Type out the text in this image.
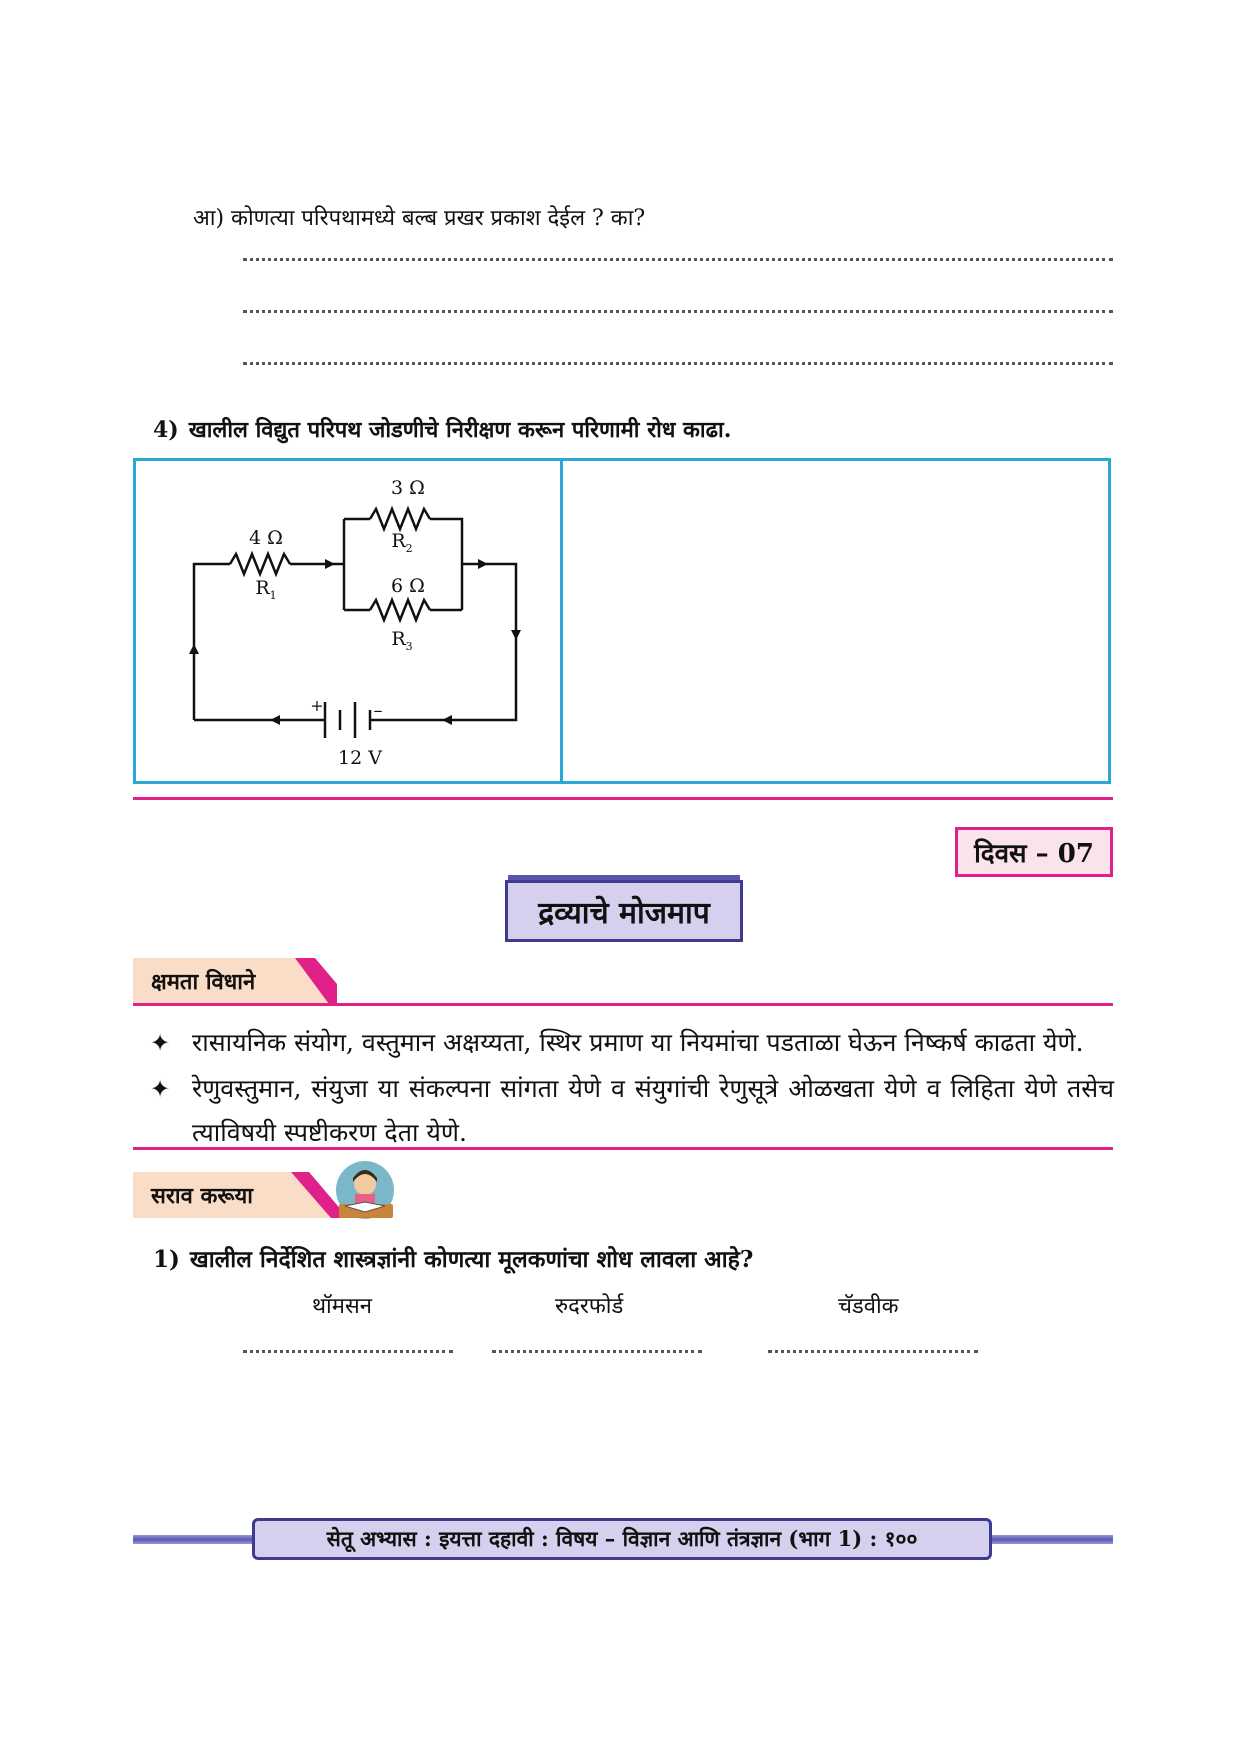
आ) कोणत्या परिपथामध्ये बल्ब प्रखर प्रकाश देईल ? का?
4) खालील विद्युत परिपथ जोडणीचे निरीक्षण करून परिणामी रोध काढा.
3 Ω
$R_2$
4 Ω
$R_1$	6 Ω
$R_3$
+	–
12 V
दिवस – 07
द्रव्याचे मोजमाप
क्षमता विधाने
✦ रासायनिक संयोग, वस्तुमान अक्षय्यता, स्थिर प्रमाण या नियमांचा पडताळा घेऊन निष्कर्ष काढता येणे.
✦ रेणुवस्तुमान, संयुजा या संकल्पना सांगता येणे व संयुगांची रेणुसूत्रे ओळखता येणे व लिहिता येणे तसेच त्याविषयी स्पष्टीकरण देता येणे.
सराव करूया
1) खालील निर्देशित शास्त्रज्ञांनी कोणत्या मूलकणांचा शोध लावला आहे?
थॉमसन	रुदरफोर्ड	चॅडवीक
सेतू अभ्यास : इयत्ता दहावी : विषय – विज्ञान आणि तंत्रज्ञान (भाग 1) : १००
